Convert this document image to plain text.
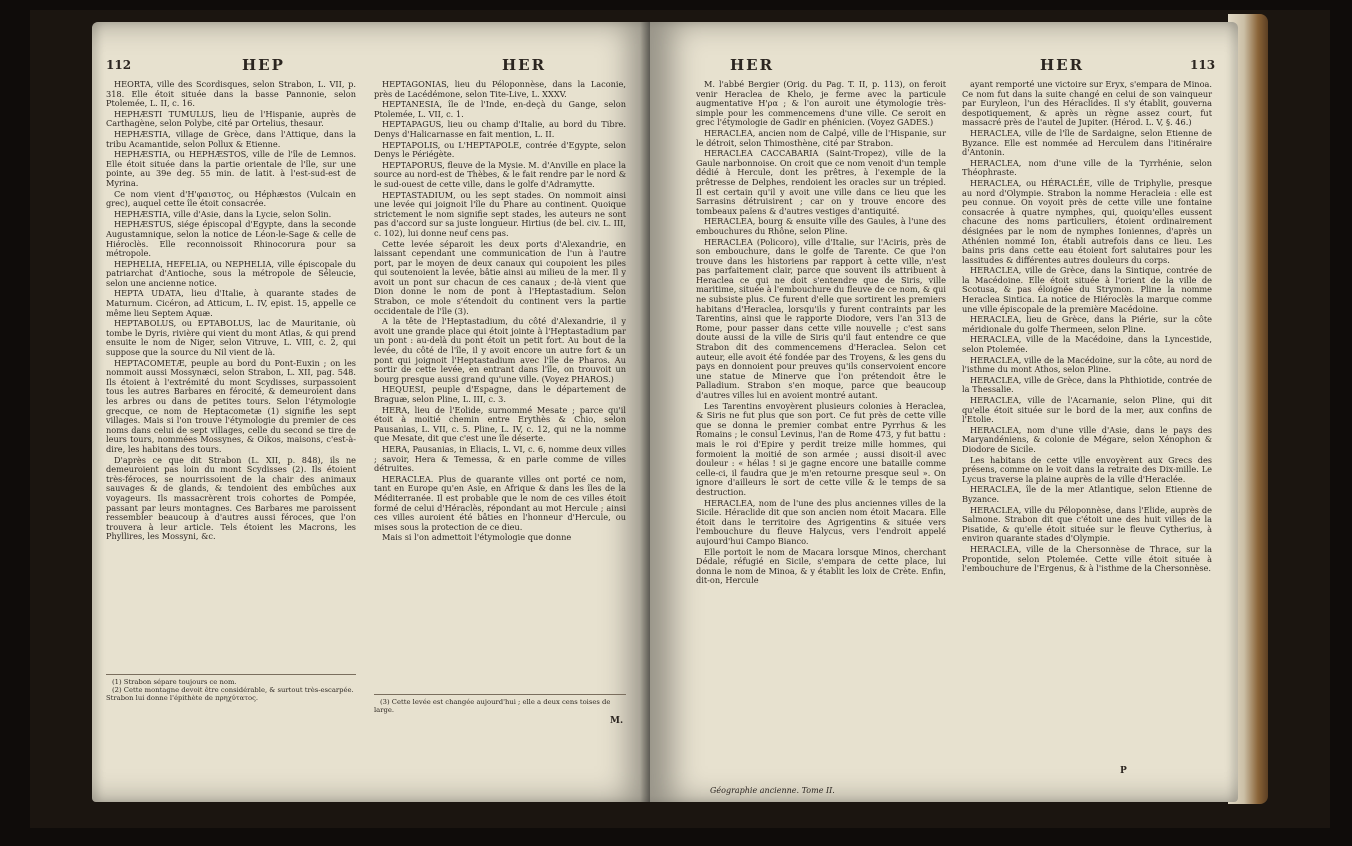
112	HEP	HER

HEORTA, ville des Scordisques, selon Strabon, L. VII, p. 318. Elle étoit située dans la basse Pannonie, selon Ptolemée, L. II, c. 16.

HEPHÆSTI TUMULUS, lieu de l'Hispanie, auprès de Carthagène, selon Polybe, cité par Ortelius, thesaur.

HEPHÆSTIA, village de Grèce, dans l'Attique, dans la tribu Acamantide, selon Pollux & Etienne.

HEPHÆSTIA, ou HEPHÆSTOS, ville de l'île de Lemnos. Elle étoit située dans la partie orientale de l'île, sur une pointe, au 39e deg. 55 min. de latit. à l'est-sud-est de Myrina.

Ce nom vient d'H'φαιστος, ou Héphæstos (Vulcain en grec), auquel cette île étoit consacrée.

HEPHÆSTIA, ville d'Asie, dans la Lycie, selon Solin.

HEPHÆSTUS, siége épiscopal d'Egypte, dans la seconde Augustamnique, selon la notice de Léon-le-Sage & celle de Hiéroclès. Elle reconnoissoit Rhinocorura pour sa métropole.

HEPHELIA, HEFELIA, ou NEPHELIA, ville épiscopale du patriarchat d'Antioche, sous la métropole de Séleucie, selon une ancienne notice.

HEPTA UDATA, lieu d'Italie, à quarante stades de Maturnum. Cicéron, ad Atticum, L. IV, epist. 15, appelle ce même lieu Septem Aquæ.

HEPTABOLUS, ou EPTABOLUS, lac de Mauritanie, où tombe le Dyris, rivière qui vient du mont Atlas, & qui prend ensuite le nom de Niger, selon Vitruve, L. VIII, c. 2, qui suppose que la source du Nil vient de là.

HEPTACOMETÆ, peuple au bord du Pont-Euxin ; on les nommoit aussi Mossynæci, selon Strabon, L. XII, pag. 548. Ils étoient à l'extrémité du mont Scydisses, surpassoient tous les autres Barbares en férocité, & demeuroient dans les arbres ou dans de petites tours. Selon l'étymologie grecque, ce nom de Heptacometæ (1) signifie les sept villages. Mais si l'on trouve l'étymologie du premier de ces noms dans celui de sept villages, celle du second se tire de leurs tours, nommées Mossynes, & Oikos, maisons, c'est-à-dire, les habitans des tours.

D'après ce que dit Strabon (L. XII, p. 848), ils ne demeuroient pas loin du mont Scydisses (2). Ils étoient très-féroces, se nourrissoient de la chair des animaux sauvages & de glands, & tendoient des embûches aux voyageurs. Ils massacrèrent trois cohortes de Pompée, passant par leurs montagnes. Ces Barbares me paroissent ressembler beaucoup à d'autres aussi féroces, que l'on trouvera à leur article. Tels étoient les Macrons, les Phyllires, les Mossyni, &c.

(1) Strabon sépare toujours ce nom.

(2) Cette montagne devoit être considérable, & surtout très-escarpée. Strabon lui donne l'épithète de πρηχύτατος.

HEPTAGONIAS, lieu du Péloponnèse, dans la Laconie, près de Lacédémone, selon Tite-Live, L. XXXV.

HEPTANESIA, île de l'Inde, en-deçà du Gange, selon Ptolemée, L. VII, c. 1.

HEPTAPAGUS, lieu ou champ d'Italie, au bord du Tibre. Denys d'Halicarnasse en fait mention, L. II.

HEPTAPOLIS, ou L'HEPTAPOLE, contrée d'Egypte, selon Denys le Périégète.

HEPTAPORUS, fleuve de la Mysie. M. d'Anville en place la source au nord-est de Thèbes, & le fait rendre par le nord & le sud-ouest de cette ville, dans le golfe d'Adramytte.

HEPTASTADIUM, ou les sept stades. On nommoit ainsi une levée qui joignoit l'île du Phare au continent. Quoique strictement le nom signifie sept stades, les auteurs ne sont pas d'accord sur sa juste longueur. Hirtius (de bel. civ. L. III, c. 102), lui donne neuf cens pas.

Cette levée séparoit les deux ports d'Alexandrie, en laissant cependant une communication de l'un à l'autre port, par le moyen de deux canaux qui coupoient les piles qui soutenoient la levée, bâtie ainsi au milieu de la mer. Il y avoit un pont sur chacun de ces canaux ; de-là vient que Dion donne le nom de pont à l'Heptastadium. Selon Strabon, ce mole s'étendoit du continent vers la partie occidentale de l'île (3).

A la tête de l'Heptastadium, du côté d'Alexandrie, il y avoit une grande place qui étoit jointe à l'Heptastadium par un pont : au-delà du pont étoit un petit fort. Au bout de la levée, du côté de l'île, il y avoit encore un autre fort & un pont qui joignoit l'Heptastadium avec l'île de Pharos. Au sortir de cette levée, en entrant dans l'île, on trouvoit un bourg presque aussi grand qu'une ville. (Voyez PHAROS.)

HEQUESI, peuple d'Espagne, dans le département de Braguæ, selon Pline, L. III, c. 3.

HERA, lieu de l'Eolide, surnommé Mesate ; parce qu'il étoit à moitié chemin entre Erythès & Chio, selon Pausanias, L. VII, c. 5. Pline, L. IV, c. 12, qui ne la nomme que Mesate, dit que c'est une île déserte.

HERA, Pausanias, in Eliacis, L. VI, c. 6, nomme deux villes ; savoir, Hera & Temessa, & en parle comme de villes détruites.

HERACLEA. Plus de quarante villes ont porté ce nom, tant en Europe qu'en Asie, en Afrique & dans les îles de la Méditerranée. Il est probable que le nom de ces villes étoit formé de celui d'Héraclès, répondant au mot Hercule ; ainsi ces villes auroient été bâties en l'honneur d'Hercule, ou mises sous la protection de ce dieu.

Mais si l'on admettoit l'étymologie que donne

(3) Cette levée est changée aujourd'hui ; elle a deux cens toises de large.

M.
HER	HER	113

M. l'abbé Bergier (Orig. du Pag. T. II, p. 113), on feroit venir Heraclea de Khelo, je ferme avec la particule augmentative H'ρα ; & l'on auroit une étymologie très-simple pour les commencemens d'une ville. Ce seroit en grec l'étymologie de Gadir en phénicien. (Voyez GADES.)

HERACLEA, ancien nom de Calpé, ville de l'Hispanie, sur le détroit, selon Thimosthène, cité par Strabon.

HERACLEA CACCABARIA (Saint-Tropez), ville de la Gaule narbonnoise. On croit que ce nom venoit d'un temple dédié à Hercule, dont les prêtres, à l'exemple de la prêtresse de Delphes, rendoient les oracles sur un trépied. Il est certain qu'il y avoit une ville dans ce lieu que les Sarrasins détruisirent ; car on y trouve encore des tombeaux païens & d'autres vestiges d'antiquité.

HERACLEA, bourg & ensuite ville des Gaules, à l'une des embouchures du Rhône, selon Pline.

HERACLEA (Policoro), ville d'Italie, sur l'Aciris, près de son embouchure, dans le golfe de Tarente. Ce que l'on trouve dans les historiens par rapport à cette ville, n'est pas parfaitement clair, parce que souvent ils attribuent à Heraclea ce qui ne doit s'entendre que de Siris, ville maritime, située à l'embouchure du fleuve de ce nom, & qui ne subsiste plus. Ce furent d'elle que sortirent les premiers habitans d'Heraclea, lorsqu'ils y furent contraints par les Tarentins, ainsi que le rapporte Diodore, vers l'an 313 de Rome, pour passer dans cette ville nouvelle ; c'est sans doute aussi de la ville de Siris qu'il faut entendre ce que Strabon dit des commencemens d'Heraclea. Selon cet auteur, elle avoit été fondée par des Troyens, & les gens du pays en donnoient pour preuves qu'ils conservoient encore une statue de Minerve que l'on prétendoit être le Palladium. Strabon s'en moque, parce que beaucoup d'autres villes lui en avoient montré autant.

Les Tarentins envoyèrent plusieurs colonies à Heraclea, & Siris ne fut plus que son port. Ce fut près de cette ville que se donna le premier combat entre Pyrrhus & les Romains ; le consul Levinus, l'an de Rome 473, y fut battu : mais le roi d'Epire y perdit treize mille hommes, qui formoient la moitié de son armée ; aussi disoit-il avec douleur : « hélas ! si je gagne encore une bataille comme celle-ci, il faudra que je m'en retourne presque seul ». On ignore d'ailleurs le sort de cette ville & le temps de sa destruction.

HERACLEA, nom de l'une des plus anciennes villes de la Sicile. Héraclide dit que son ancien nom étoit Macara. Elle étoit dans le territoire des Agrigentins & située vers l'embouchure du fleuve Halycus, vers l'endroit appelé aujourd'hui Campo Bianco.

Elle portoit le nom de Macara lorsque Minos, cherchant Dédale, réfugié en Sicile, s'empara de cette place, lui donna le nom de Minoa, & y établit les loix de Crète. Enfin, dit-on, Hercule

Géographie ancienne. Tome II.

ayant remporté une victoire sur Eryx, s'empara de Minoa. Ce nom fut dans la suite changé en celui de son vainqueur par Euryleon, l'un des Héraclides. Il s'y établit, gouverna despotiquement, & après un règne assez court, fut massacré près de l'autel de Jupiter. (Hérod. L. V, §. 46.)

HERACLEA, ville de l'île de Sardaigne, selon Etienne de Byzance. Elle est nommée ad Herculem dans l'itinéraire d'Antonin.

HERACLEA, nom d'une ville de la Tyrrhénie, selon Théophraste.

HERACLEA, ou HÉRACLÉE, ville de Triphylie, presque au nord d'Olympie. Strabon la nomme Heracleia : elle est peu connue. On voyoit près de cette ville une fontaine consacrée à quatre nymphes, qui, quoiqu'elles eussent chacune des noms particuliers, étoient ordinairement désignées par le nom de nymphes Ioniennes, d'après un Athénien nommé Ion, établi autrefois dans ce lieu. Les bains pris dans cette eau étoient fort salutaires pour les lassitudes & différentes autres douleurs du corps.

HERACLEA, ville de Grèce, dans la Sintique, contrée de la Macédoine. Elle étoit située à l'orient de la ville de Scotusa, & pas éloignée du Strymon. Pline la nomme Heraclea Sintica. La notice de Hiéroclès la marque comme une ville épiscopale de la première Macédoine.

HERACLEA, lieu de Grèce, dans la Piérie, sur la côte méridionale du golfe Thermeen, selon Pline.

HERACLEA, ville de la Macédoine, dans la Lyncestide, selon Ptolemée.

HERACLEA, ville de la Macédoine, sur la côte, au nord de l'isthme du mont Athos, selon Pline.

HERACLEA, ville de Grèce, dans la Phthiotide, contrée de la Thessalie.

HERACLEA, ville de l'Acarnanie, selon Pline, qui dit qu'elle étoit située sur le bord de la mer, aux confins de l'Etolie.

HERACLEA, nom d'une ville d'Asie, dans le pays des Maryandéniens, & colonie de Mégare, selon Xénophon & Diodore de Sicile.

Les habitans de cette ville envoyèrent aux Grecs des présens, comme on le voit dans la retraite des Dix-mille. Le Lycus traverse la plaine auprès de la ville d'Heraclée.

HERACLEA, île de la mer Atlantique, selon Etienne de Byzance.

HERACLEA, ville du Péloponnèse, dans l'Elide, auprès de Salmone. Strabon dit que c'étoit une des huit villes de la Pisatide, & qu'elle étoit située sur le fleuve Cytherius, à environ quarante stades d'Olympie.

HERACLEA, ville de la Chersonnèse de Thrace, sur la Propontide, selon Ptolemée. Cette ville étoit située à l'embouchure de l'Ergenus, & à l'isthme de la Chersonnèse.

P
